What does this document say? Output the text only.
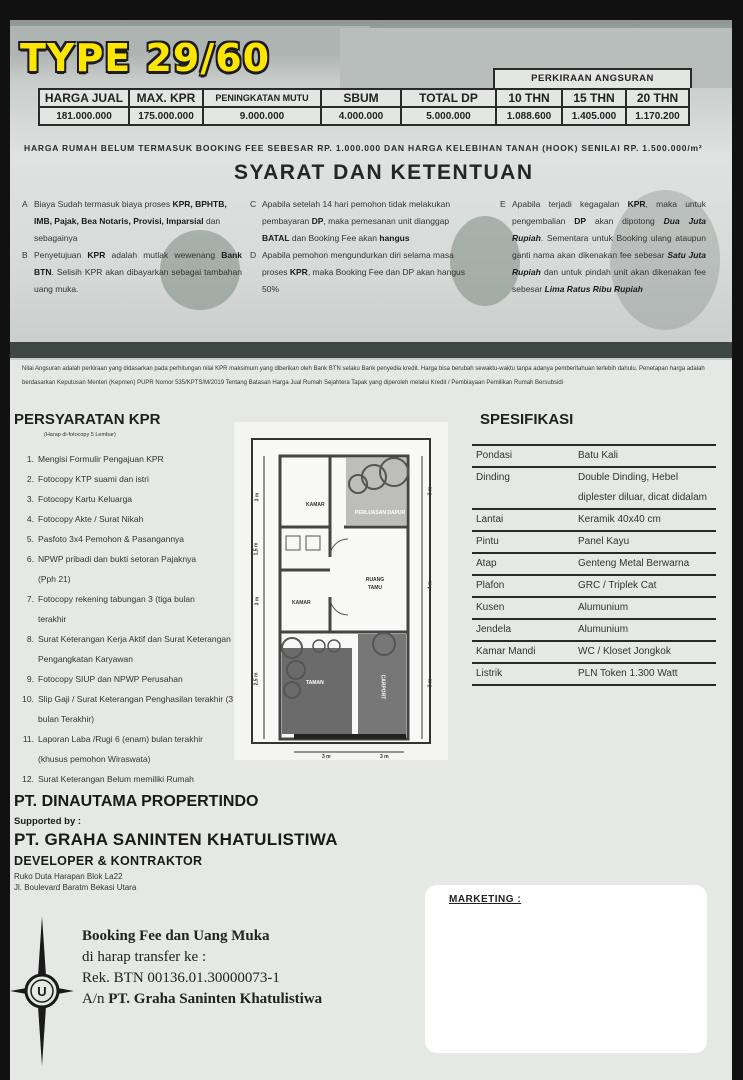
TYPE 29/60	PERKIRAAN ANGSURAN
HARGA JUAL	MAX. KPR	PENINGKATAN MUTU	SBUM	TOTAL DP	10 THN	15 THN	20 THN
181.000.000	175.000.000	9.000.000	4.000.000	5.000.000	1.088.600	1.405.000	1.170.200
HARGA RUMAH BELUM TERMASUK BOOKING FEE SEBESAR RP. 1.000.000 DAN HARGA KELEBIHAN TANAH (HOOK) SENILAI RP. 1.500.000/m²
SYARAT DAN KETENTUAN
A Biaya Sudah termasuk biaya proses KPR, BPHTB, IMB, Pajak, Bea Notaris, Provisi, Imparsial dan sebagainya
B Penyetujuan KPR adalah mutlak wewenang Bank BTN. Selisih KPR akan dibayarkan sebagai tambahan uang muka.
C Apabila setelah 14 hari pemohon tidak melakukan pembayaran DP, maka pemesanan unit dianggap BATAL dan Booking Fee akan hangus
D Apabila pemohon mengundurkan diri selama masa proses KPR, maka Booking Fee dan DP akan hangus 50%
E Apabila terjadi kegagalan KPR, maka untuk pengembalian DP akan dipotong Dua Juta Rupiah. Sementara untuk Booking ulang ataupun ganti nama akan dikenakan fee sebesar Satu Juta Rupiah dan untuk pindah unit akan dikenakan fee sebesar Lima Ratus Ribu Rupiah
Nilai Angsuran adalah perkiraan yang didasarkan pada perhitungan nilai KPR maksimum yang diberikan oleh Bank BTN selaku Bank penyedia kredit. Harga bisa berubah sewaktu-waktu tanpa adanya pemberitahuan terlebih dahulu. Penetapan harga adalah berdasarkan Keputusan Menteri (Kepmen) PUPR Nomor 535/KPTS/M/2019 Tentang Batasan Harga Jual Rumah Sejahtera Tapak yang diperoleh melalui Kredit / Pembiayaan Pemilikan Rumah Bersubsidi
PERSYARATAN KPR
(Harap di-fotocopy 5 Lembar)
1. Mengisi Formulir Pengajuan KPR
2. Fotocopy KTP suami dan istri
3. Fotocopy Kartu Keluarga
4. Fotocopy Akte / Surat Nikah
5. Pasfoto 3x4 Pemohon & Pasangannya
6. NPWP pribadi dan bukti setoran Pajaknya (Pph 21)
7. Fotocopy rekening tabungan 3 (tiga bulan terakhir
8. Surat Keterangan Kerja Aktif dan Surat Keterangan Pengangkatan Karyawan
9. Fotocopy SIUP dan NPWP Perusahan
10. Slip Gaji / Surat Keterangan Penghasilan terakhir (3 bulan Terakhir)
11. Laporan Laba /Rugi 6 (enam) bulan terakhir (khusus pemohon Wiraswata)
12. Surat Keterangan Belum memiliki Rumah
KAMAR
PERLUASAN DAPUR
RUANG TAMU
KAMAR
TAMAN	CARPORT
3 m	3 m
3 m
1,5 m
3 m
2,5 m
3 m
4 m
3 m
SPESIFIKASI
Pondasi	Batu Kali
Dinding	Double Dinding, Hebel
	diplester diluar, dicat didalam
Lantai	Keramik 40x40 cm
Pintu	Panel Kayu
Atap	Genteng Metal Berwarna
Plafon	GRC / Triplek Cat
Kusen	Alumunium
Jendela	Alumunium
Kamar Mandi	WC / Kloset Jongkok
Listrik	PLN Token 1.300 Watt
PT. DINAUTAMA PROPERTINDO
Supported by :
PT. GRAHA SANINTEN KHATULISTIWA
DEVELOPER & KONTRAKTOR
Ruko Duta Harapan Blok La22
Jl. Boulevard Baratm Bekasi Utara
U
Booking Fee dan Uang Muka
di harap transfer ke :
Rek. BTN 00136.01.30000073-1
A/n PT. Graha Saninten Khatulistiwa
MARKETING :
